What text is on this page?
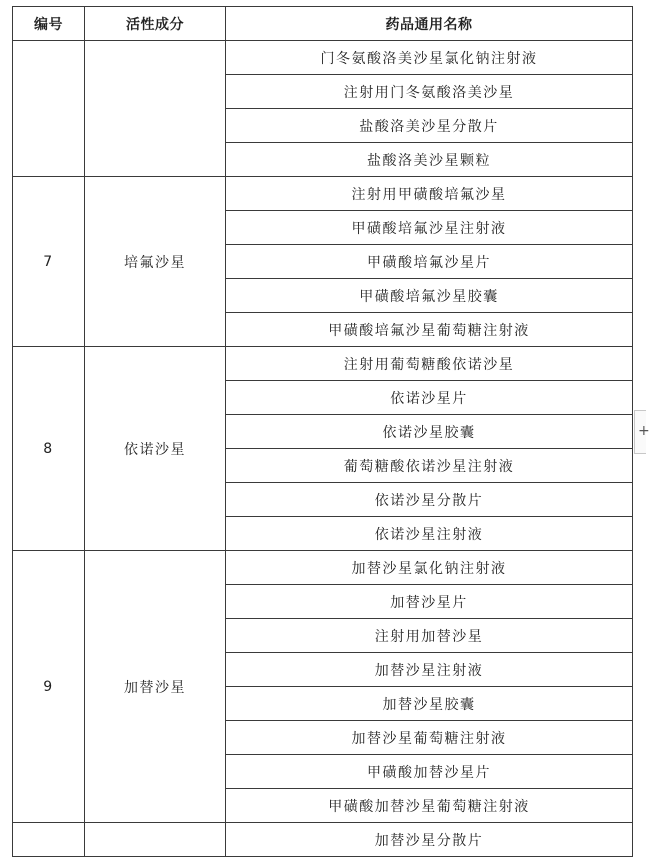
编号	活性成分	药品通用名称
		门冬氨酸洛美沙星氯化钠注射液
		注射用门冬氨酸洛美沙星
		盐酸洛美沙星分散片
		盐酸洛美沙星颗粒
7	培氟沙星	注射用甲磺酸培氟沙星
		甲磺酸培氟沙星注射液
		甲磺酸培氟沙星片
		甲磺酸培氟沙星胶囊
		甲磺酸培氟沙星葡萄糖注射液
8	依诺沙星	注射用葡萄糖酸依诺沙星
		依诺沙星片
		依诺沙星胶囊
		葡萄糖酸依诺沙星注射液
		依诺沙星分散片
		依诺沙星注射液
9	加替沙星	加替沙星氯化钠注射液
		加替沙星片
		注射用加替沙星
		加替沙星注射液
		加替沙星胶囊
		加替沙星葡萄糖注射液
		甲磺酸加替沙星片
		甲磺酸加替沙星葡萄糖注射液
		加替沙星分散片
+
